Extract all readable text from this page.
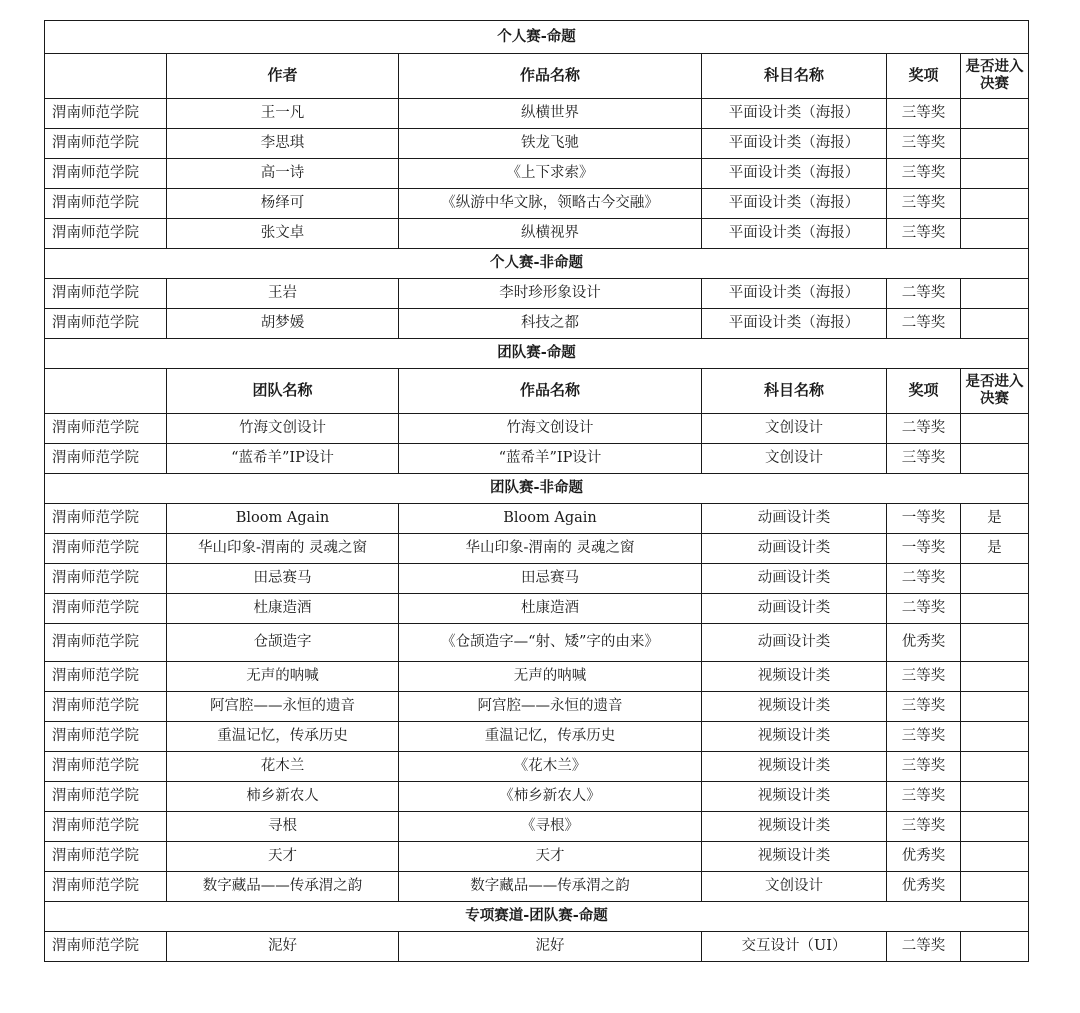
个人赛-命题					
	作者	作品名称	科目名称	奖项	是否进入决赛
渭南师范学院	王一凡	纵横世界	平面设计类（海报）	三等奖	
渭南师范学院	李思琪	铁龙飞驰	平面设计类（海报）	三等奖	
渭南师范学院	高一诗	《上下求索》	平面设计类（海报）	三等奖	
渭南师范学院	杨绎可	《纵游中华文脉，领略古今交融》	平面设计类（海报）	三等奖	
渭南师范学院	张文卓	纵横视界	平面设计类（海报）	三等奖	
个人赛-非命题					
渭南师范学院	王岩	李时珍形象设计	平面设计类（海报）	二等奖	
渭南师范学院	胡梦媛	科技之都	平面设计类（海报）	二等奖	
团队赛-命题					
	团队名称	作品名称	科目名称	奖项	是否进入决赛
渭南师范学院	竹海文创设计	竹海文创设计	文创设计	二等奖	
渭南师范学院	“蓝希羊”IP设计	“蓝希羊”IP设计	文创设计	三等奖	
团队赛-非命题					
渭南师范学院	Bloom Again	Bloom Again	动画设计类	一等奖	是
渭南师范学院	华山印象-渭南的 灵魂之窗	华山印象-渭南的 灵魂之窗	动画设计类	一等奖	是
渭南师范学院	田忌赛马	田忌赛马	动画设计类	二等奖	
渭南师范学院	杜康造酒	杜康造酒	动画设计类	二等奖	
渭南师范学院	仓颉造字	《仓颉造字—“射、矮”字的由来》	动画设计类	优秀奖	
渭南师范学院	无声的呐喊	无声的呐喊	视频设计类	三等奖	
渭南师范学院	阿宫腔——永恒的遗音	阿宫腔——永恒的遗音	视频设计类	三等奖	
渭南师范学院	重温记忆，传承历史	重温记忆，传承历史	视频设计类	三等奖	
渭南师范学院	花木兰	《花木兰》	视频设计类	三等奖	
渭南师范学院	柿乡新农人	《柿乡新农人》	视频设计类	三等奖	
渭南师范学院	寻根	《寻根》	视频设计类	三等奖	
渭南师范学院	天才	天才	视频设计类	优秀奖	
渭南师范学院	数字藏品——传承渭之韵	数字藏品——传承渭之韵	文创设计	优秀奖	
专项赛道-团队赛-命题					
渭南师范学院	泥好	泥好	交互设计（UI）	二等奖	
